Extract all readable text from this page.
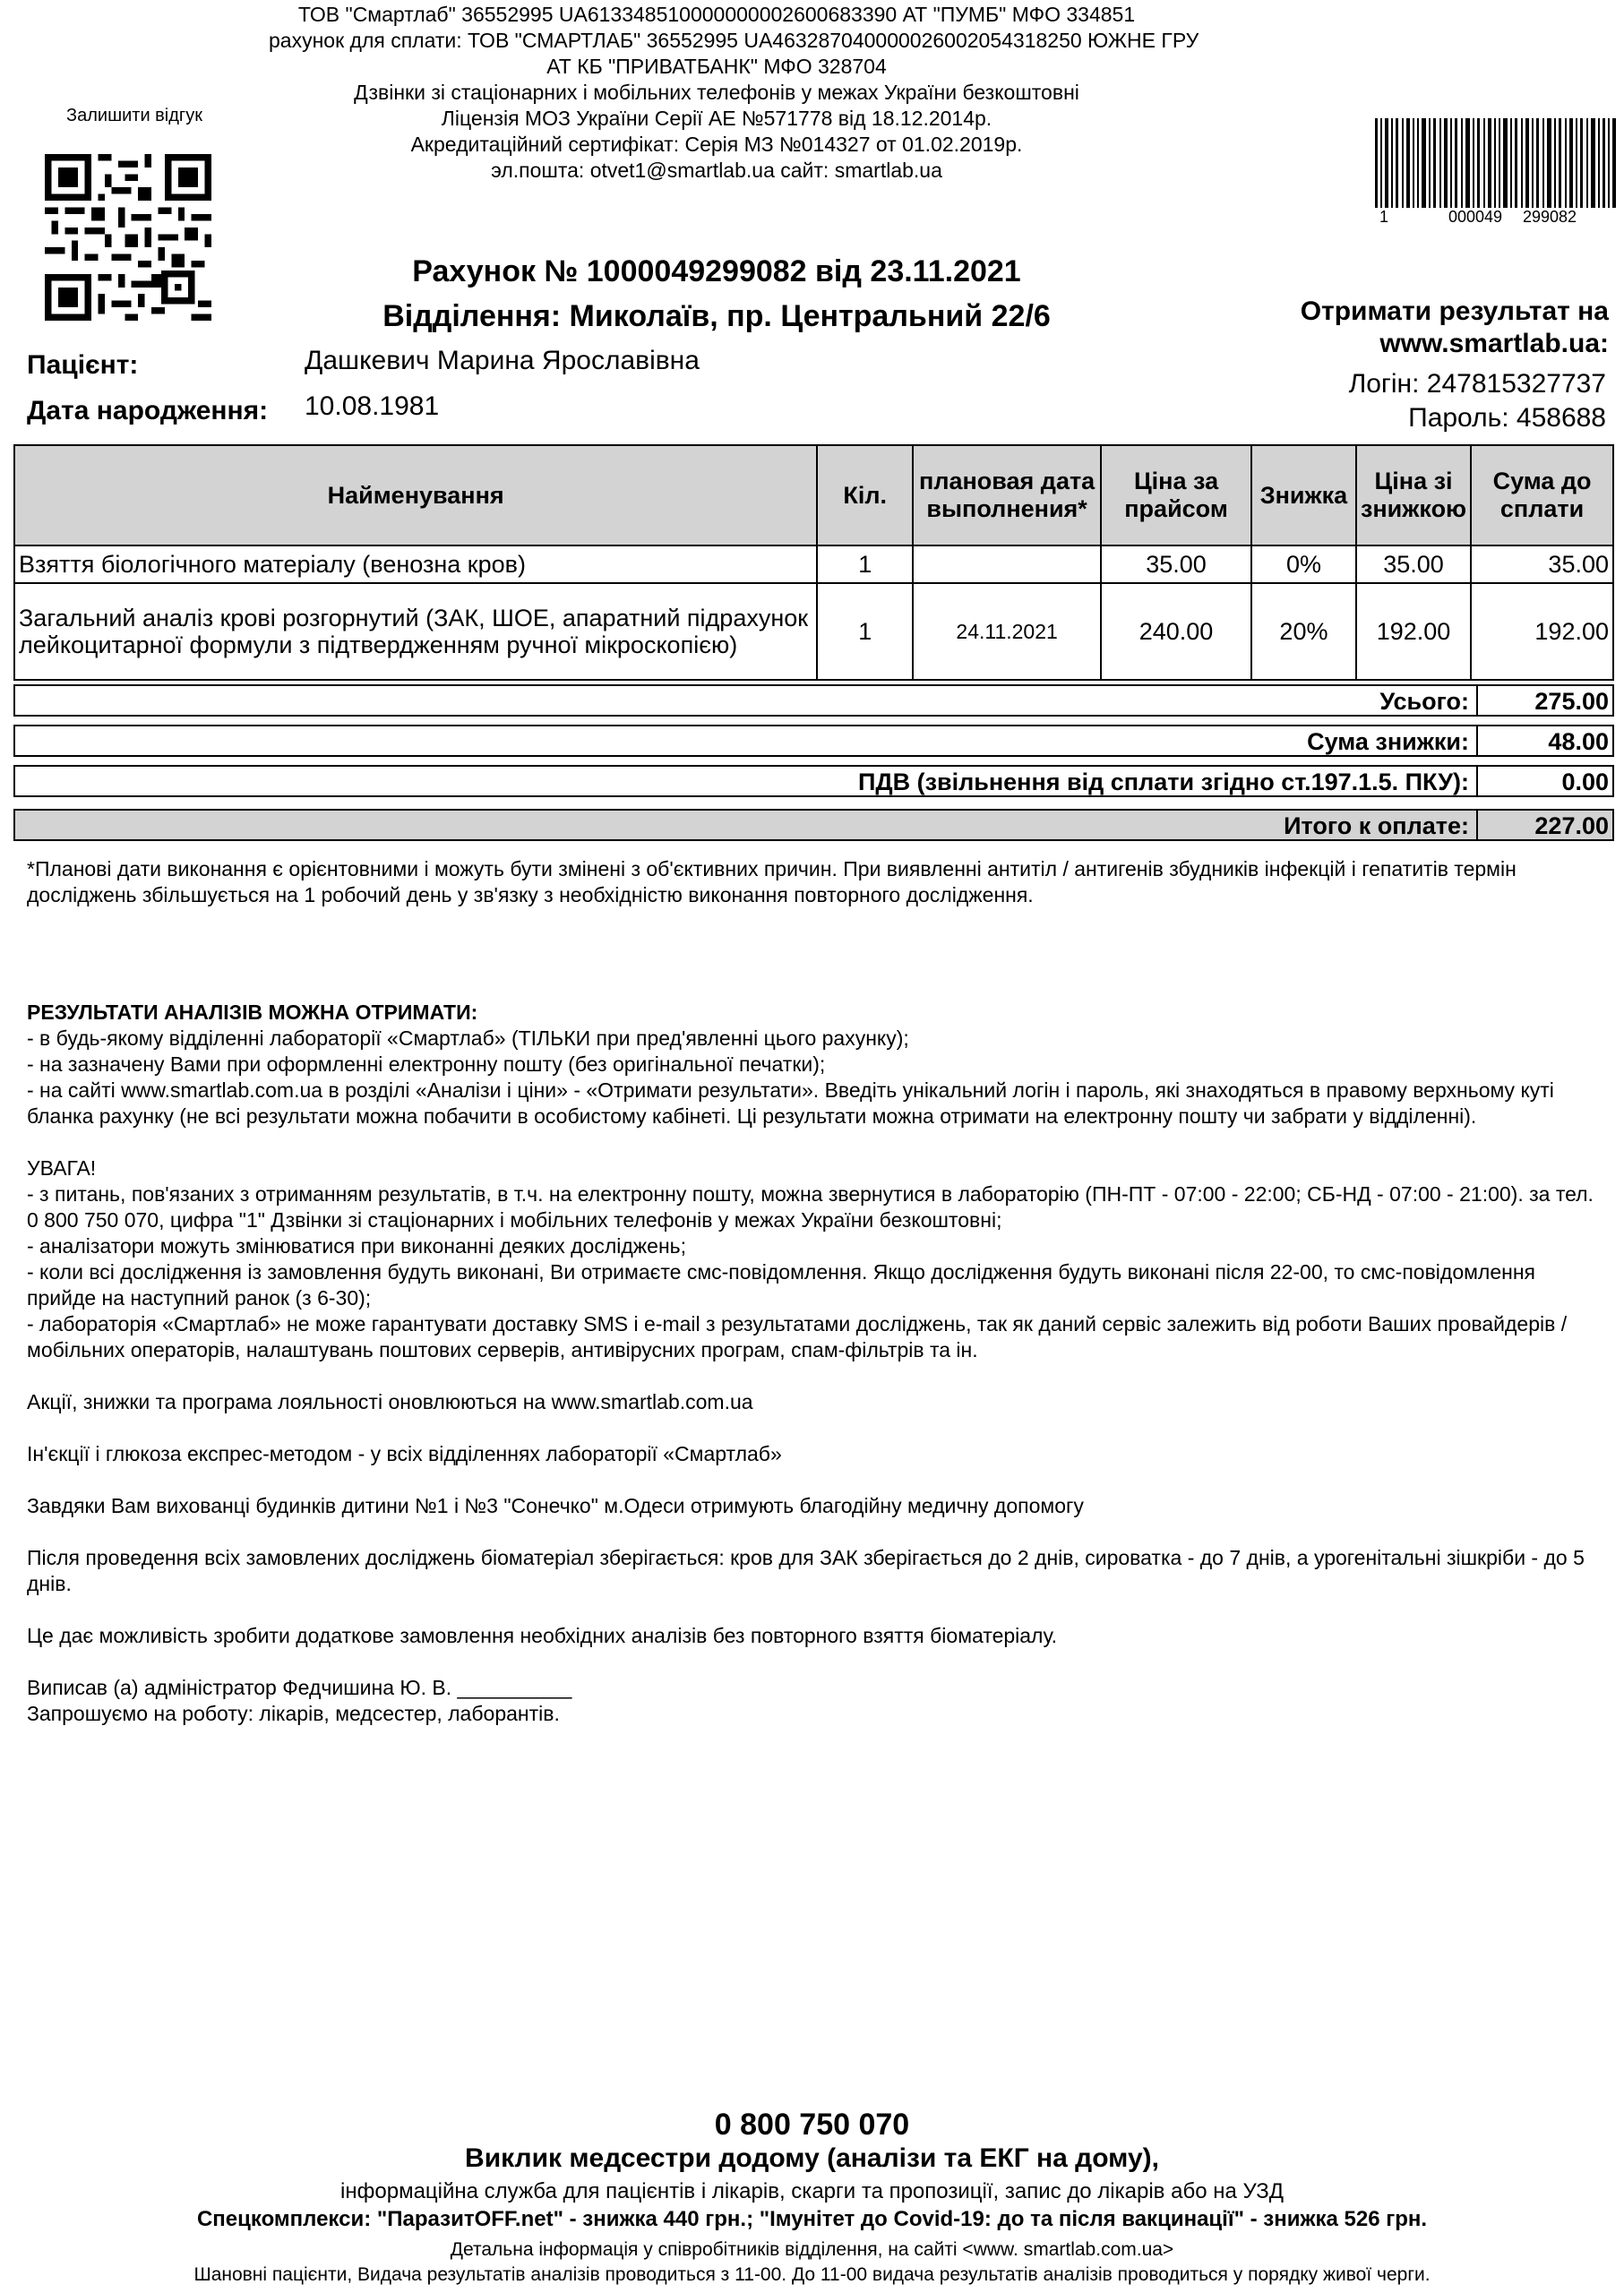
ТОВ "Смартлаб" 36552995 UA613348510000000002600683390 АТ "ПУМБ" МФО 334851
рахунок для сплати: ТОВ "СМАРТЛАБ" 36552995 UA463287040000026002054318250 ЮЖНЕ ГРУ
АТ КБ "ПРИВАТБАНК" МФО 328704
Дзвінки зі стаціонарних і мобільних телефонів у межах України безкоштовні
Ліцензія МОЗ України Серії АЕ №571778 від 18.12.2014р.
Акредитаційний сертифікат: Серія МЗ №014327 от 01.02.2019р.
эл.пошта: otvet1@smartlab.ua сайт: smartlab.ua
Залишити відгук
1	000049 299082
Рахунок № 1000049299082 від 23.11.2021
Відділення: Миколаїв, пр. Центральний 22/6	Отримати результат на
www.smartlab.ua:
Логін: 247815327737
Пароль: 458688
Пацієнт:	Дашкевич Марина Ярославівна
Дата народження: 10.08.1981
Найменування	Кіл.	плановая дата выполнения*	Ціна за прайсом	Знижка	Ціна зі знижкою	Сума до сплати
Взяття біологічного матеріалу (венозна кров)	1		35.00	0%	35.00	35.00
Загальний аналіз крові розгорнутий (ЗАК, ШОЕ, апаратний підрахунок лейкоцитарної формули з підтвердженням ручної мікроскопією)	1	24.11.2021	240.00	20%	192.00	192.00
Усього:	275.00
Сума знижки:	48.00
ПДВ (звільнення від сплати згідно ст.197.1.5. ПКУ):	0.00
Итого к оплате:	227.00
*Планові дати виконання є орієнтовними і можуть бути змінені з об'єктивних причин. При виявленні антитіл / антигенів збудників інфекцій і гепатитів термін досліджень збільшується на 1 робочий день у зв'язку з необхідністю виконання повторного дослідження.

РЕЗУЛЬТАТИ АНАЛІЗІВ МОЖНА ОТРИМАТИ:

- в будь-якому відділенні лабораторії «Смартлаб» (ТІЛЬКИ при пред'явленні цього рахунку);

- на зазначену Вами при оформленні електронну пошту (без оригінальної печатки);

- на сайті www.smartlab.com.ua в розділі «Аналізи і ціни» - «Отримати результати». Введіть унікальний логін і пароль, які знаходяться в правому верхньому куті бланка рахунку (не всі результати можна побачити в особистому кабінеті. Ці результати можна отримати на електронну пошту чи забрати у відділенні).

УВАГА!

- з питань, пов'язаних з отриманням результатів, в т.ч. на електронну пошту, можна звернутися в лабораторію (ПН-ПТ - 07:00 - 22:00; СБ-НД - 07:00 - 21:00). за тел. 0 800 750 070, цифра "1" Дзвінки зі стаціонарних і мобільних телефонів у межах України безкоштовні;

- аналізатори можуть змінюватися при виконанні деяких досліджень;

- коли всі дослідження із замовлення будуть виконані, Ви отримаєте смс-повідомлення. Якщо дослідження будуть виконані після 22-00, то смс-повідомлення прийде на наступний ранок (з 6-30);

- лабораторія «Смартлаб» не може гарантувати доставку SMS і e-mail з результатами досліджень, так як даний сервіс залежить від роботи Ваших провайдерів / мобільних операторів, налаштувань поштових серверів, антивірусних програм, спам-фільтрів та ін.

Акції, знижки та програма лояльності оновлюються на www.smartlab.com.ua

Ін'єкції і глюкоза експрес-методом - у всіх відділеннях лабораторії «Смартлаб»

Завдяки Вам вихованці будинків дитини №1 і №3 "Сонечко" м.Одеси отримують благодійну медичну допомогу

Після проведення всіх замовлених досліджень біоматеріал зберігається: кров для ЗАК зберігається до 2 днів, сироватка - до 7 днів, а урогенітальні зішкріби - до 5 днів.

Це дає можливість зробити додаткове замовлення необхідних аналізів без повторного взяття біоматеріалу.

Виписав (а) адміністратор Федчишина Ю. В. __________

Запрошуємо на роботу: лікарів, медсестер, лаборантів.

0 800 750 070
Виклик медсестри додому (аналізи та ЕКГ на дому),
інформаційна служба для пацієнтів і лікарів, скарги та пропозиції, запис до лікарів або на УЗД
Спецкомплекси: "ПаразитOFF.net" - знижка 440 грн.; "Імунітет до Covid-19: до та після вакцинації" - знижка 526 грн.
Детальна інформація у співробітників відділення, на сайті <www. smartlab.com.ua>
Шановні пацієнти, Видача результатів аналізів проводиться з 11-00. До 11-00 видача результатів аналізів проводиться у порядку живої черги.
